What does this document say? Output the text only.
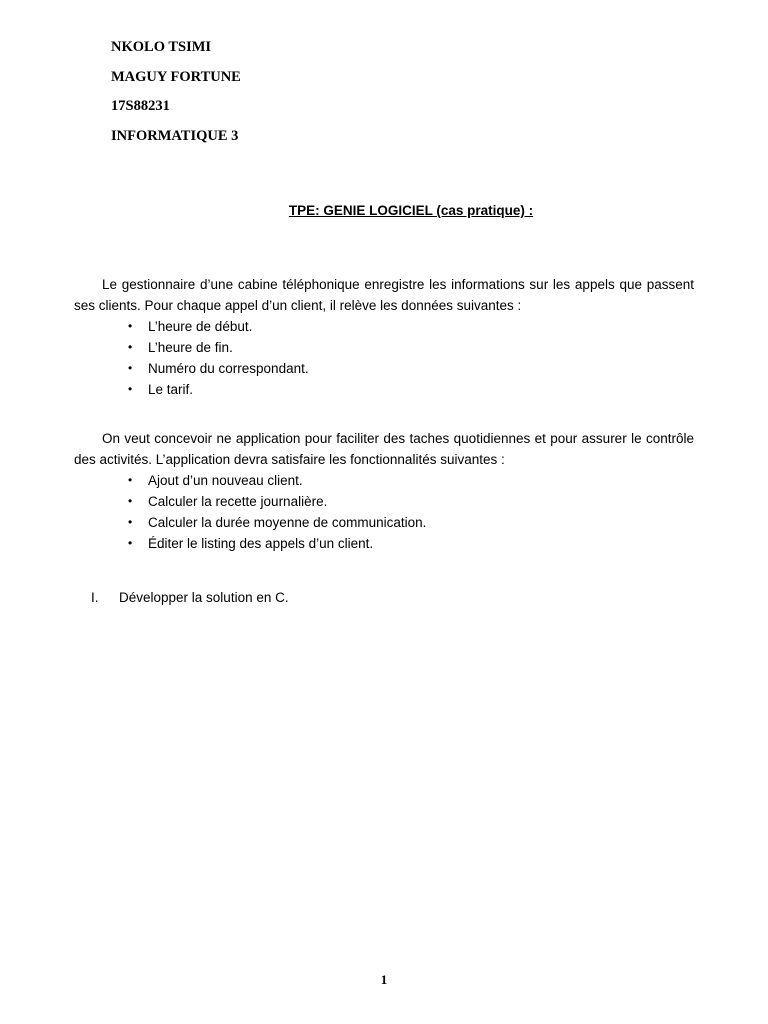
NKOLO TSIMI
MAGUY FORTUNE
17S88231
INFORMATIQUE 3
TPE: GENIE LOGICIEL (cas pratique) :

Le gestionnaire d’une cabine téléphonique enregistre les informations sur les appels que passent ses clients. Pour chaque appel d’un client, il relève les données suivantes :

• L’heure de début.
• L’heure de fin.
• Numéro du correspondant.
• Le tarif.

On veut concevoir ne application pour faciliter des taches quotidiennes et pour assurer le contrôle des activités. L’application devra satisfaire les fonctionnalités suivantes :

• Ajout d’un nouveau client.
• Calculer la recette journalière.
• Calculer la durée moyenne de communication.
• Éditer le listing des appels d’un client.
I. Développer la solution en C.
1
